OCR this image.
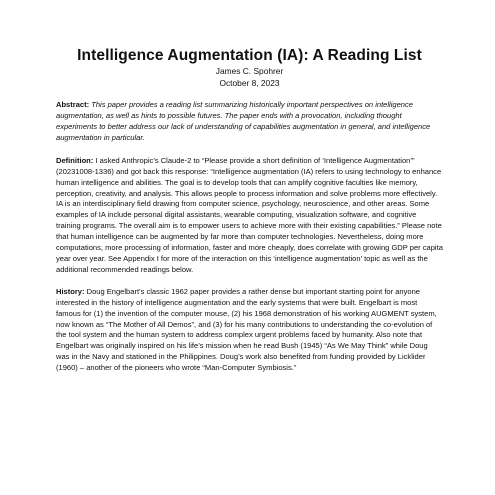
Intelligence Augmentation (IA): A Reading List
James C. Spohrer
October 8, 2023

Abstract: This paper provides a reading list summarizing historically important perspectives on intelligence augmentation, as well as hints to possible futures. The paper ends with a provocation, including thought experiments to better address our lack of understanding of capabilities augmentation in general, and intelligence augmentation in particular.

Definition: I asked Anthropic’s Claude-2 to “Please provide a short definition of ‘Intelligence Augmentation’” (20231008-1336) and got back this response: “Intelligence augmentation (IA) refers to using technology to enhance human intelligence and abilities. The goal is to develop tools that can amplify cognitive faculties like memory, perception, creativity, and analysis. This allows people to process information and solve problems more effectively. IA is an interdisciplinary field drawing from computer science, psychology, neuroscience, and other areas. Some examples of IA include personal digital assistants, wearable computing, visualization software, and cognitive training programs. The overall aim is to empower users to achieve more with their existing capabilities.” Please note that human intelligence can be augmented by far more than computer technologies. Nevertheless, doing more computations, more processing of information, faster and more cheaply, does correlate with growing GDP per capita year over year. See Appendix I for more of the interaction on this ‘intelligence augmentation’ topic as well as the additional recommended readings below.

History: Doug Engelbart’s classic 1962 paper provides a rather dense but important starting point for anyone interested in the history of intelligence augmentation and the early systems that were built. Engelbart is most famous for (1) the invention of the computer mouse, (2) his 1968 demonstration of his working AUGMENT system, now known as “The Mother of All Demos”, and (3) for his many contributions to understanding the co-evolution of the tool system and the human system to address complex urgent problems faced by humanity. Also note that Engelbart was originally inspired on his life’s mission when he read Bush (1945) “As We May Think” while Doug was in the Navy and stationed in the Philippines. Doug’s work also benefited from funding provided by Licklider (1960) – another of the pioneers who wrote “Man-Computer Symbiosis.”
